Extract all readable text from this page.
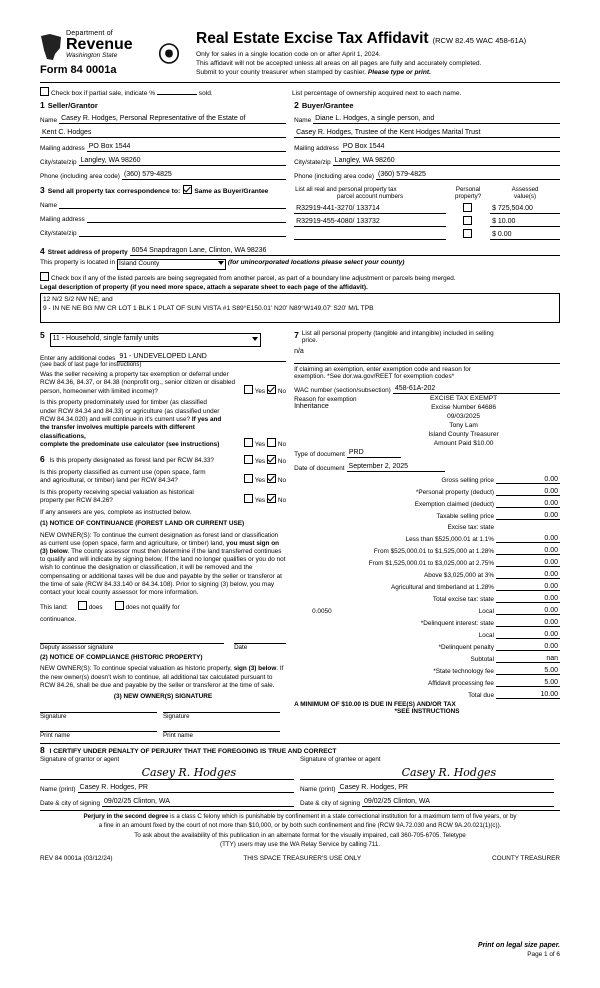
Department of
Revenue
Washington State	⦿
Form 84 0001a
Real Estate Excise Tax Affidavit (RCW 82.45 WAC 458-61A)
Only for sales in a single location code on or after April 1, 2024.
This affidavit will not be accepted unless all areas on all pages are fully and accurately completed.
Submit to your county treasurer when stamped by cashier. Please type or print.
Check box if partial sale, indicate %	sold.	List percentage of ownership acquired next to each name.
1 Seller/Grantor
Name Casey R. Hodges, Personal Representative of the Estate of
Kent C. Hodges
Mailing address PO Box 1544
City/state/zip Langley, WA 98260
Phone (including area code) (360) 579-4825
2 Buyer/Grantee
Name Diane L. Hodges, a single person, and
Casey R. Hodges, Trustee of the Kent Hodges Marital Trust
Mailing address PO Box 1544
City/state/zip Langley, WA 98260
Phone (including area code) (360) 579-4825
3 Send all property tax correspondence to:	Same as Buyer/Grantee
Name
Mailing address
City/state/zip
List all real and personal property tax
parcel account numbers

Personal
property?

Assessed
value(s)

R32919-441-3270/ 133714		$ 725,504.00
R32919-455-4080/ 133732		$ 10.00
		$ 0.00
4 Street address of property 6054 Snapdragon Lane, Clinton, WA 98236
This property is located in Island County	(for unincorporated locations please select your county)
Check box if any of the listed parcels are being segregated from another parcel, as part of a boundary line adjustment or parcels being merged.
Legal description of property (if you need more space, attach a separate sheet to each page of the affidavit).
12 N/2 S/2 NW NE; and
9 - IN NE NE BG NW CR LOT 1 BLK 1 PLAT OF SUN VISTA #1 S89°E150.01' N20' N89°W149.07' S20' M/L TPB
5 11 - Household, single family units
Enter any additional codes 91 - UNDEVELOPED LAND
(see back of last page for instructions)
Was the seller receiving a property tax exemption or deferral under RCW 84.36, 84.37, or 84.38 (nonprofit org., senior citizen or disabled person, homeowner with limited income)?	Yes No
Is this property predominately used for timber (as classified
under RCW 84.34 and 84.33) or agriculture (as classified under
RCW 84.34.020) and will continue in it's current use? If yes and
the transfer involves multiple parcels with different classifications,
complete the predominate use calculator (see instructions)	Yes No
6 Is this property designated as forest land per RCW 84.33?	Yes No
Is this property classified as current use (open space, farm
and agricultural, or timber) land per RCW 84.34?	Yes No
Is this property receiving special valuation as historical
property per RCW 84.26?	Yes No
If any answers are yes, complete as instructed below.
(1) NOTICE OF CONTINUANCE (FOREST LAND OR CURRENT USE)
NEW OWNER(S): To continue the current designation as forest land or classification as current use (open space, farm and agriculture, or timber) land, you must sign on (3) below. The county assessor must then determine if the land transferred continues to qualify and will indicate by signing below. If the land no longer qualifies or you do not wish to continue the designation or classification, it will be removed and the compensating or additional taxes will be due and payable by the seller or transferor at the time of sale (RCW 84.33.140 or 84.34.108). Prior to signing (3) below, you may contact your local county assessor for more information.
This land:	does	does not qualify for
continuance.
Deputy assessor signature	Date
(2) NOTICE OF COMPLIANCE (HISTORIC PROPERTY)
NEW OWNER(S): To continue special valuation as historic property, sign (3) below. If the new owner(s) doesn't wish to continue, all additional tax calculated pursuant to RCW 84.26, shall be due and payable by the seller or transferor at the time of sale.
(3) NEW OWNER(S) SIGNATURE
Signature	Signature
Print name	Print name
7 List all personal property (tangible and intangible) included in selling
price.
n/a
If claiming an exemption, enter exemption code and reason for
exemption. *See dor.wa.gov/REET for exemption codes*
WAC number (section/subsection) 458-61A-202
Reason for exemption
Inheritance
EXCISE TAX EXEMPT
Excise Number 64686
09/03/2025
Tony Lam
Island County Treasurer
Amount Paid $10.00
Type of document PRD
Date of document September 2, 2025
Gross selling price	0.00
*Personal property (deduct)	0.00
Exemption claimed (deduct)	0.00
Taxable selling price	0.00
Excise tax: state	
Less than $525,000.01 at 1.1%	0.00
From $525,000.01 to $1,525,000 at 1.28%	0.00
From $1,525,000.01 to $3,025,000 at 2.75%	0.00
Above $3,025,000 at 3%	0.00
Agricultural and timberland at 1.28%	0.00
Total excise tax: state	0.00

0.0050 Local	0.00
*Delinquent interest: state	0.00
Local	0.00
*Delinquent penalty	0.00
Subtotal	nan
*State technology fee	5.00
Affidavit processing fee	5.00
Total due	10.00
A MINIMUM OF $10.00 IS DUE IN FEE(S) AND/OR TAX
*SEE INSTRUCTIONS
8 I CERTIFY UNDER PENALTY OF PERJURY THAT THE FOREGOING IS TRUE AND CORRECT
Signature of grantor or agent
Casey R. Hodges
Name (print) Casey R. Hodges, PR
Date & city of signing 09/02/25 Clinton, WA
Signature of grantee or agent
Casey R. Hodges
Name (print) Casey R. Hodges, PR
Date & city of signing 09/02/25 Clinton, WA
Perjury in the second degree is a class C felony which is punishable by confinement in a state correctional institution for a maximum term of five years, or by
a fine in an amount fixed by the court of not more than $10,000, or by both such confinement and fine (RCW 9A.72.030 and RCW 9A.20.021(1)(c)).
To ask about the availability of this publication in an alternate format for the visually impaired, call 360-705-6705. Teletype
(TTY) users may use the WA Relay Service by calling 711.
REV 84 0001a (03/12/24)	THIS SPACE TREASURER'S USE ONLY	COUNTY TREASURER
Print on legal size paper.
Page 1 of 6
